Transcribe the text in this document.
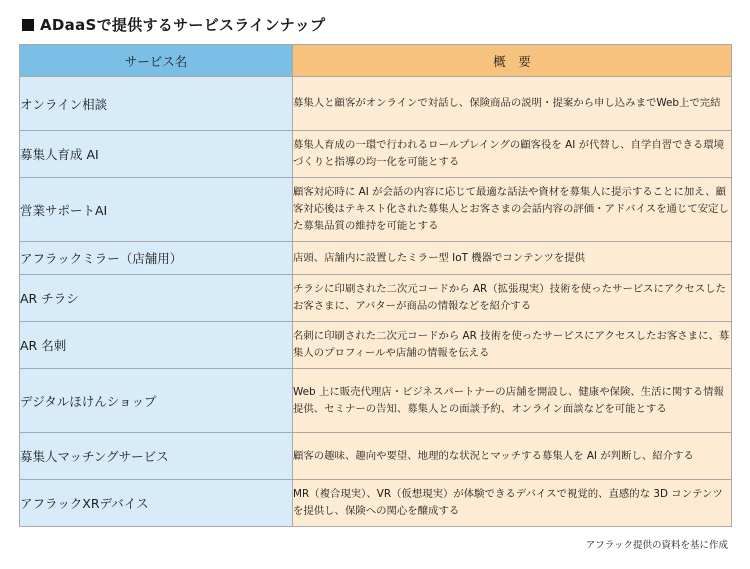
ADaaSで提供するサービスラインナップ
サービス名	概　要
オンライン相談	募集人と顧客がオンラインで対話し、保険商品の説明・提案から申し込みまでWeb上で完結
募集人育成 AI	募集人育成の一環で行われるロールプレイングの顧客役を AI が代替し、自学自習できる環境づくりと指導の均一化を可能とする
営業サポートAI	顧客対応時に AI が会話の内容に応じて最適な話法や資材を募集人に提示することに加え、顧客対応後はテキスト化された募集人とお客さまの会話内容の評価・アドバイスを通じて安定した募集品質の維持を可能とする
アフラックミラー（店舗用）	店頭、店舗内に設置したミラー型 IoT 機器でコンテンツを提供
AR チラシ	チラシに印刷された二次元コードから AR（拡張現実）技術を使ったサービスにアクセスしたお客さまに、アバターが商品の情報などを紹介する
AR 名刺	名刺に印刷された二次元コードから AR 技術を使ったサービスにアクセスしたお客さまに、募集人のプロフィールや店舗の情報を伝える
デジタルほけんショップ	Web 上に販売代理店・ビジネスパートナーの店舗を開設し、健康や保険、生活に関する情報提供、セミナーの告知、募集人との面談予約、オンライン面談などを可能とする
募集人マッチングサービス	顧客の趣味、趣向や要望、地理的な状況とマッチする募集人を AI が判断し、紹介する
アフラックXRデバイス	MR（複合現実）、VR（仮想現実）が体験できるデバイスで視覚的、直感的な 3D コンテンツを提供し、保険への関心を醸成する
アフラック提供の資料を基に作成
